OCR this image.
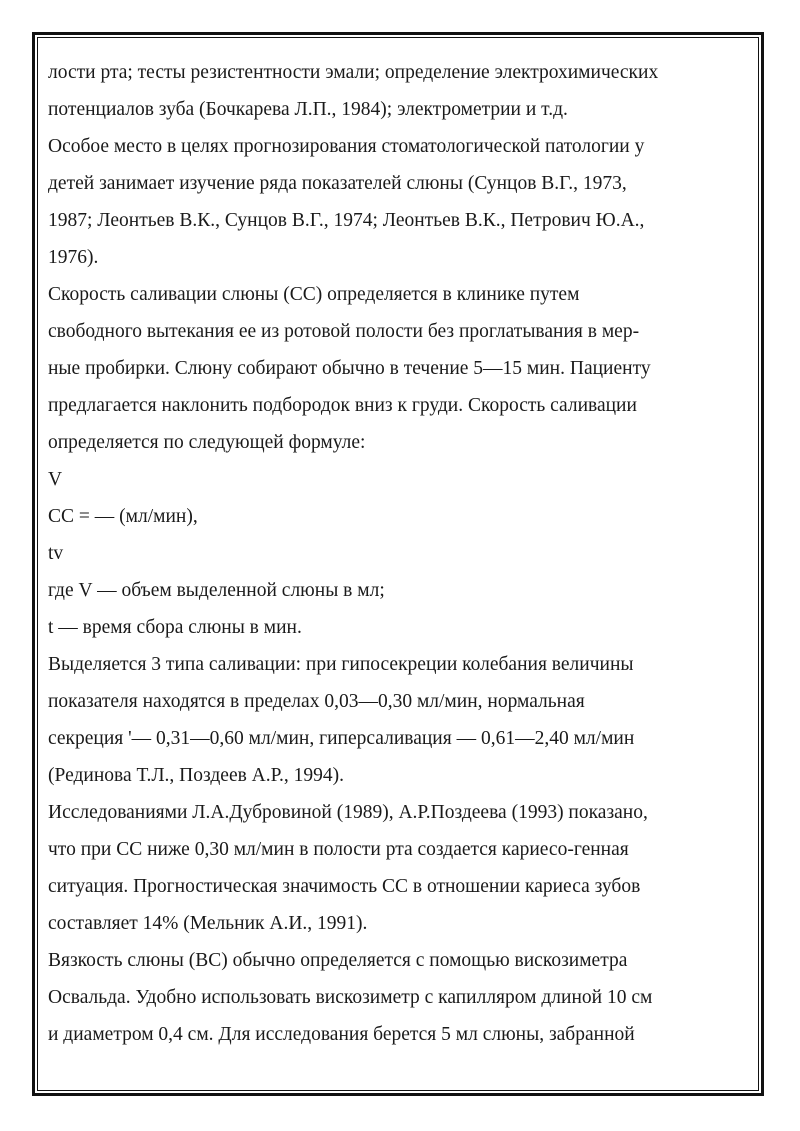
лости рта; тесты резистентности эмали; определение электрохимических
потенциалов зуба (Бочкарева Л.П., 1984); электрометрии и т.д.
Особое место в целях прогнозирования стоматологической патологии у
детей занимает изучение ряда показателей слюны (Сунцов В.Г., 1973,
1987; Леонтьев В.К., Сунцов В.Г., 1974; Леонтьев В.К., Петрович Ю.А.,
1976).
Скорость саливации слюны (СС) определяется в клинике путем
свободного вытекания ее из ротовой полости без проглатывания в мер-
ные пробирки. Слюну собирают обычно в течение 5—15 мин. Пациенту
предлагается наклонить подбородок вниз к груди. Скорость саливации
определяется по следующей формуле:
V
СС = — (мл/мин),
tv
где V — объем выделенной слюны в мл;
t — время сбора слюны в мин.
Выделяется 3 типа саливации: при гипосекреции колебания величины
показателя находятся в пределах 0,03—0,30 мл/мин, нормальная
секреция '— 0,31—0,60 мл/мин, гиперсаливация — 0,61—2,40 мл/мин
(Рединова Т.Л., Поздеев А.Р., 1994).
Исследованиями Л.А.Дубровиной (1989), А.Р.Поздеева (1993) показано,
что при СС ниже 0,30 мл/мин в полости рта создается кариесо-генная
ситуация. Прогностическая значимость СС в отношении кариеса зубов
составляет 14% (Мельник А.И., 1991).
Вязкость слюны (ВС) обычно определяется с помощью вискозиметра
Освальда. Удобно использовать вискозиметр с капилляром длиной 10 см
и диаметром 0,4 см. Для исследования берется 5 мл слюны, забранной
